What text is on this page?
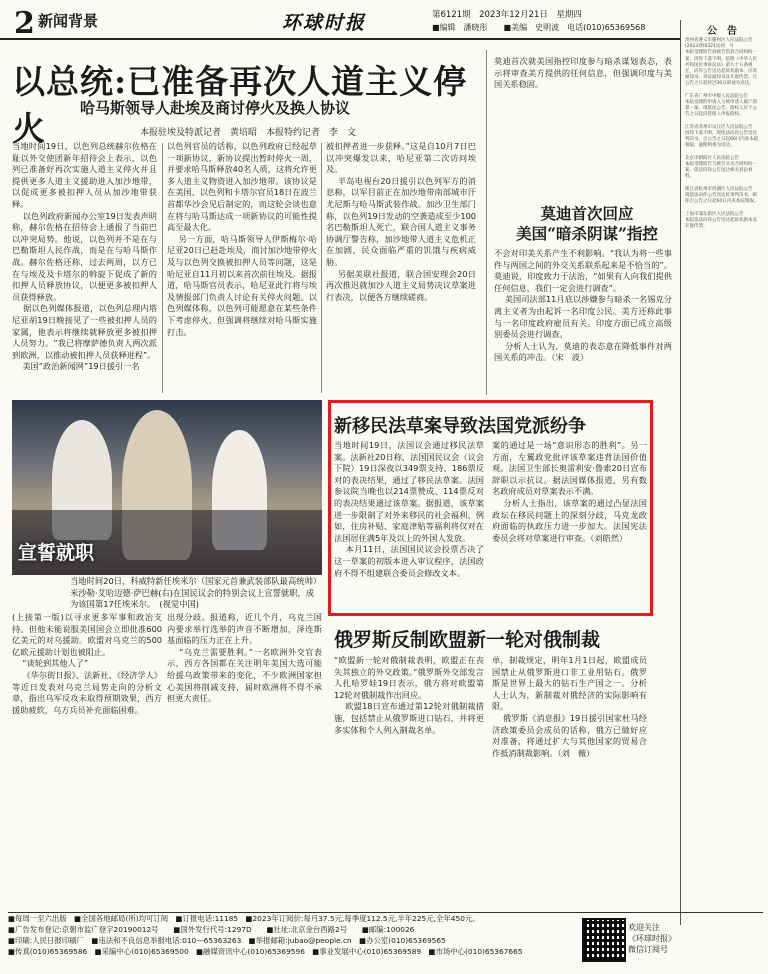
2 新闻背景	环球时报	第6121期　2023年12月21日　星期四
■编辑　潘晓彤　　■美编　史明波　电话(010)65369568
以总统:已准备再次人道主义停火
哈马斯领导人赴埃及商讨停火及换人协议
本报驻埃及特派记者　黄培昭　本报特约记者　李　文
当地时间19日，以色列总统赫尔佐格在耻以外交使团新年招待会上表示，以色列已准备好再次实施人道主义停火并且提供更多人道主义援助进入加沙地带，以促成更多被扣押人员从加沙地带获释。
以色列政府新闻办公室19日发表声明称，赫尔佐格在招待会上通报了当前巴以冲突局势。他说，以色列并不是在与巴勒斯坦人民作战，而是在与哈马斯作战。赫尔佐格还称，过去两周，以方已在与埃及及卡塔尔的斡旋下促成了新的扣押人员释放协议，以便更多被扣押人员获得释放。
据以色列媒体报道，以色列总理内塔尼亚胡19日晚接见了一些被扣押人员的家属，他表示将继续就释放更多被扣押人员努力。“我已将摩萨德负责人两次派到欧洲，以推动被扣押人员获释进程”。
美国“政治新闻网”19日援引一名
以色列官员的话称，以色列政府已经起草一项新协议，新协议提出暂时停火一周，并要求哈马斯释放40名人质，这将允许更多人道主义物资进入加沙地带。该协议是在美国、以色列和卡塔尔官员18日在波兰首都华沙会见后制定的，而这轮会谈也意在将与哈马斯达成一项新协议的可能性提高至最大化。
另一方面，哈马斯领导人伊斯梅尔·哈尼亚20日已赶赴埃及，商讨加沙地带停火及与以色列交换被扣押人员等问题，这是哈尼亚自11月初以来首次前往埃及。据报道，哈马斯官员表示，哈尼亚此行将与埃及情报部门负责人讨论有关停火问题。以色列媒体称，以色列可能愿意在某些条件下考虑停火，但强调将继续对哈马斯实施打击。
被扣押者进一步获释。”这是自10月7日巴以冲突爆发以来，哈尼亚第二次访问埃及。
半岛电视台20日援引以色列军方的消息称，以军目前正在加沙地带南部城市汗尤尼斯与哈马斯武装作战。加沙卫生部门称，以色列19日发动的空袭造成至少100名巴勒斯坦人死亡，联合国人道主义事务协调厅警告称，加沙地带人道主义危机正在加剧，民众面临严重的饥饿与疾病威胁。
另据美联社报道，联合国安理会20日再次推迟就加沙人道主义局势决议草案进行表决，以便各方继续磋商。
莫迪首次就美国指控印度参与暗杀谋划表态，表示将审查美方提供的任何信息，但强调印度与美国关系稳固。
莫迪首次回应
美国“暗杀阴谋”指控
不会对印美关系产生不利影响。“我认为将一些事件与两国之间的外交关系联系起来是不恰当的”。莫迪说，印度致力于法治，“如果有人向我们提供任何信息，我们一定会进行调查”。
美国司法部11月底以涉嫌参与暗杀一名锡克分离主义者为由起诉一名印度公民。美方还称此事与一名印度政府雇员有关。印度方面已成立高级别委员会进行调查。
分析人士认为，莫迪的表态意在降低事件对两国关系的冲击。（宋　波）
宣誓就职
当地时间20日，科威特新任埃米尔（国家元首兼武装部队最高统帅）米沙勒·艾哈迈德·萨巴赫(右)在国民议会的特别会议上宣誓就职，成为该国第17任埃米尔。　(视觉中国)
(上接第一版)以寻求更多军事和政治支持。但他未能说服美国国会立即批准600亿美元的对乌援助。欧盟对乌克兰的500亿欧元援助计划也被阻止。
“谈轮到其他人了”
《华尔街日报》、法新社、《经济学人》等近日发表对乌克兰局势走向的分析文章，指出乌军反攻未取得预期效果，西方援助疲软，乌方兵员补充面临困难。
出现分歧。报道称，近几个月，乌克兰国内要求举行选举的声音不断增加，泽连斯基面临的压力正在上升。
“乌克兰需要胜利。”一名欧洲外交官表示，西方各国都在关注明年美国大选可能给援乌政策带来的变化，不少欧洲国家担心美国将削减支持，届时欧洲将不得不承担更大责任。
新移民法草案导致法国党派纷争
当地时间19日，法国议会通过移民法草案。法新社20日称，法国国民议会（议会下院）19日深夜以349票支持、186票反对的表决结果，通过了移民法草案。法国参议院当晚也以214票赞成、114票反对的表决结果通过该草案。据报道，该草案进一步限制了对外来移民的社会福利、例如，住房补贴、家庭津贴等福利将仅对在法国居住满5年及以上的外国人发放。
本月11日，法国国民议会投票否决了这一草案的初版本进入审议程序，法国政府不得不组建联合委员会修改文本。
案的通过是一场“意识形态的胜利”。另一方面，左翼政党批评该草案违背法国价值观。法国卫生部长奥雷利安·鲁索20日宣布辞职以示抗议。据法国媒体报道，另有数名政府成员对草案表示不满。
分析人士指出，该草案的通过凸显法国政坛在移民问题上的深刻分歧，马克龙政府面临的执政压力进一步加大。法国宪法委员会将对草案进行审查。（刘皓然）
俄罗斯反制欧盟新一轮对俄制裁
“欧盟新一轮对俄制裁表明，欧盟正在丧失其独立的外交政策。”俄罗斯外交部发言人扎哈罗娃19日表示，俄方将对欧盟第12轮对俄制裁作出回应。
欧盟18日宣布通过第12轮对俄制裁措施，包括禁止从俄罗斯进口钻石，并将更多实体和个人列入制裁名单。
单，制裁规定，明年1月1日起，欧盟成员国禁止从俄罗斯进口非工业用钻石。俄罗斯是世界上最大的钻石生产国之一。分析人士认为，新制裁对俄经济的实际影响有限。
俄罗斯《消息报》19日援引国家杜马经济政策委员会成员的话称，俄方已做好应对准备，将通过扩大与其他国家的贸易合作抵消制裁影响。（刘　薇）
贵州省遵义市播州区人民法院公告 (2023)黔0321民初　号
本院受理原告诉被告借款合同纠纷一案，因你下落不明，依照《中华人民共和国民事诉讼法》第九十五条规定，向你公告送达起诉状副本、应诉通知书、举证通知书及开庭传票。自公告之日起经过30日即视为送达。

广东省广州市中级人民法院公告
本院受理的申请人与被申请人破产清算一案，现依法公告。债权人应于公告之日起向管理人申报债权。

江苏省苏州市吴江区人民法院公告
因你下落不明，现依法向你公告送达判决书，自公告之日起60日内来本院领取，逾期则视为送达。

北京市朝阳区人民法院公告
本院受理原告与被告买卖合同纠纷一案，依法向你公告送达相关诉讼材料。

浙江省杭州市西湖区人民法院公告
现依法向你公告送达民事判决书，限你自公告之日起60日内来本院领取。

上海市浦东新区人民法院公告
本院依法向你公告送达起诉状副本及开庭传票。
公　告
■每周一至六出版　■全国各地邮局(所)均可订阅　■订报电话:11185　■2023年订阅价:每月37.5元,每季度112.5元,半年225元,全年450元。
■广告发布登记:京朝市监广登字20190012号　　■国外发行代号:1297D　　■社址:北京金台西路2号　　■邮编:100026
■印刷:人民日报印刷厂　■违法和不良信息举报电话:010—65363263　■举报邮箱:jubao@people.cn　■办公室(010)65369565
■传真(010)65369586　■采编中心(010)65369500　■融媒资讯中心(010)65369596　■事业发展中心(010)65369589　■市场中心(010)65367665
欢迎关注
《环球时报》
微信订阅号
